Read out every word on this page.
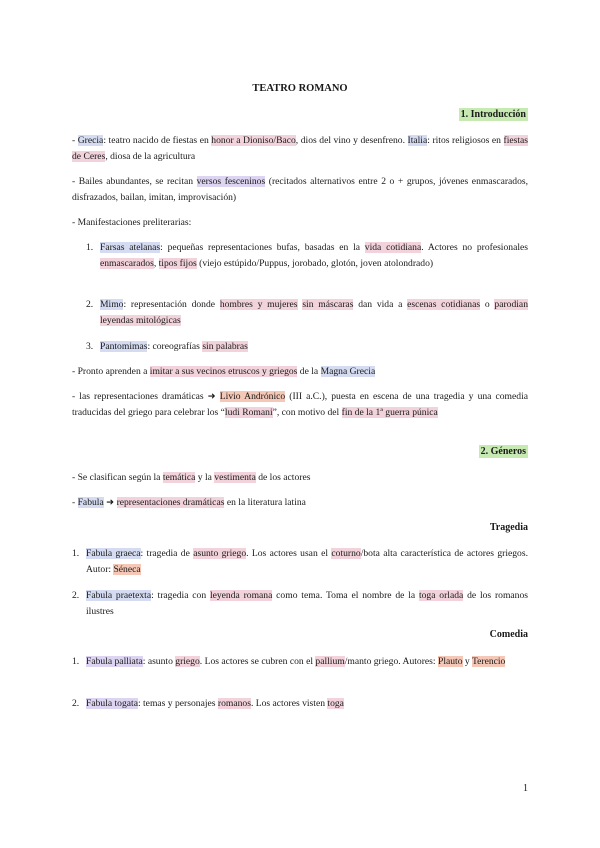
TEATRO ROMANO
1. Introducción
- Grecia: teatro nacido de fiestas en honor a Dioniso/Baco, dios del vino y desenfreno. Italia: ritos religiosos en fiestas de Ceres, diosa de la agricultura
- Bailes abundantes, se recitan versos fesceninos (recitados alternativos entre 2 o + grupos, jóvenes enmascarados, disfrazados, bailan, imitan, improvisación)
- Manifestaciones preliterarias:
1. Farsas atelanas: pequeñas representaciones bufas, basadas en la vida cotidiana. Actores no profesionales enmascarados, tipos fijos (viejo estúpido/Puppus, jorobado, glotón, joven atolondrado)
2. Mimo: representación donde hombres y mujeres sin máscaras dan vida a escenas cotidianas o parodian leyendas mitológicas
3. Pantomimas: coreografías sin palabras
- Pronto aprenden a imitar a sus vecinos etruscos y griegos de la Magna Grecia
- las representaciones dramáticas ➜ Livio Andrónico (III a.C.), puesta en escena de una tragedia y una comedia traducidas del griego para celebrar los “ludi Romani”, con motivo del fin de la 1ª guerra púnica
2. Géneros
- Se clasifican según la temática y la vestimenta de los actores
- Fabula ➜ representaciones dramáticas en la literatura latina
Tragedia
1. Fabula graeca: tragedia de asunto griego. Los actores usan el coturno/bota alta característica de actores griegos. Autor: Séneca
2. Fabula praetexta: tragedia con leyenda romana como tema. Toma el nombre de la toga orlada de los romanos ilustres
Comedia
1. Fabula palliata: asunto griego. Los actores se cubren con el pallium/manto griego. Autores: Plauto y Terencio
2. Fabula togata: temas y personajes romanos. Los actores visten toga
1
